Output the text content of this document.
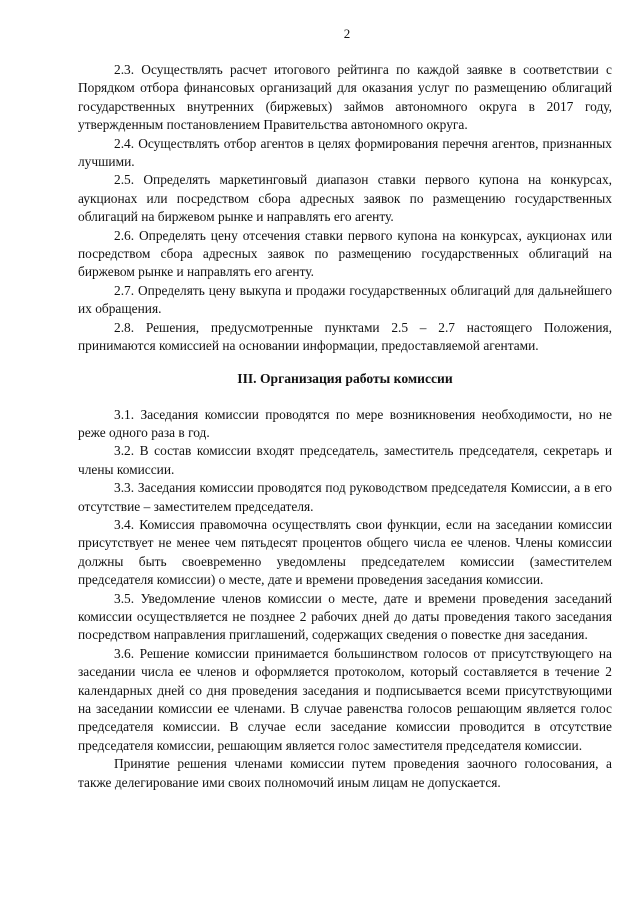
2

2.3. Осуществлять расчет итогового рейтинга по каждой заявке в соответствии с Порядком отбора финансовых организаций для оказания услуг по размещению облигаций государственных внутренних (биржевых) займов автономного округа в 2017 году, утвержденным постановлением Правительства автономного округа.

2.4. Осуществлять отбор агентов в целях формирования перечня агентов, признанных лучшими.

2.5. Определять маркетинговый диапазон ставки первого купона на конкурсах, аукционах или посредством сбора адресных заявок по размещению государственных облигаций на биржевом рынке и направлять его агенту.

2.6. Определять цену отсечения ставки первого купона на конкурсах, аукционах или посредством сбора адресных заявок по размещению государственных облигаций на биржевом рынке и направлять его агенту.

2.7. Определять цену выкупа и продажи государственных облигаций для дальнейшего их обращения.

2.8. Решения, предусмотренные пунктами 2.5 – 2.7 настоящего Положения, принимаются комиссией на основании информации, предоставляемой агентами.

III. Организация работы комиссии

3.1. Заседания комиссии проводятся по мере возникновения необходимости, но не реже одного раза в год.

3.2. В состав комиссии входят председатель, заместитель председателя, секретарь и члены комиссии.

3.3. Заседания комиссии проводятся под руководством председателя Комиссии, а в его отсутствие – заместителем председателя.

3.4. Комиссия правомочна осуществлять свои функции, если на заседании комиссии присутствует не менее чем пятьдесят процентов общего числа ее членов. Члены комиссии должны быть своевременно уведомлены председателем комиссии (заместителем председателя комиссии) о месте, дате и времени проведения заседания комиссии.

3.5. Уведомление членов комиссии о месте, дате и времени проведения заседаний комиссии осуществляется не позднее 2 рабочих дней до даты проведения такого заседания посредством направления приглашений, содержащих сведения о повестке дня заседания.

3.6. Решение комиссии принимается большинством голосов от присутствующего на заседании числа ее членов и оформляется протоколом, который составляется в течение 2 календарных дней со дня проведения заседания и подписывается всеми присутствующими на заседании комиссии ее членами. В случае равенства голосов решающим является голос председателя комиссии. В случае если заседание комиссии проводится в отсутствие председателя комиссии, решающим является голос заместителя председателя комиссии.

Принятие решения членами комиссии путем проведения заочного голосования, а также делегирование ими своих полномочий иным лицам не допускается.
